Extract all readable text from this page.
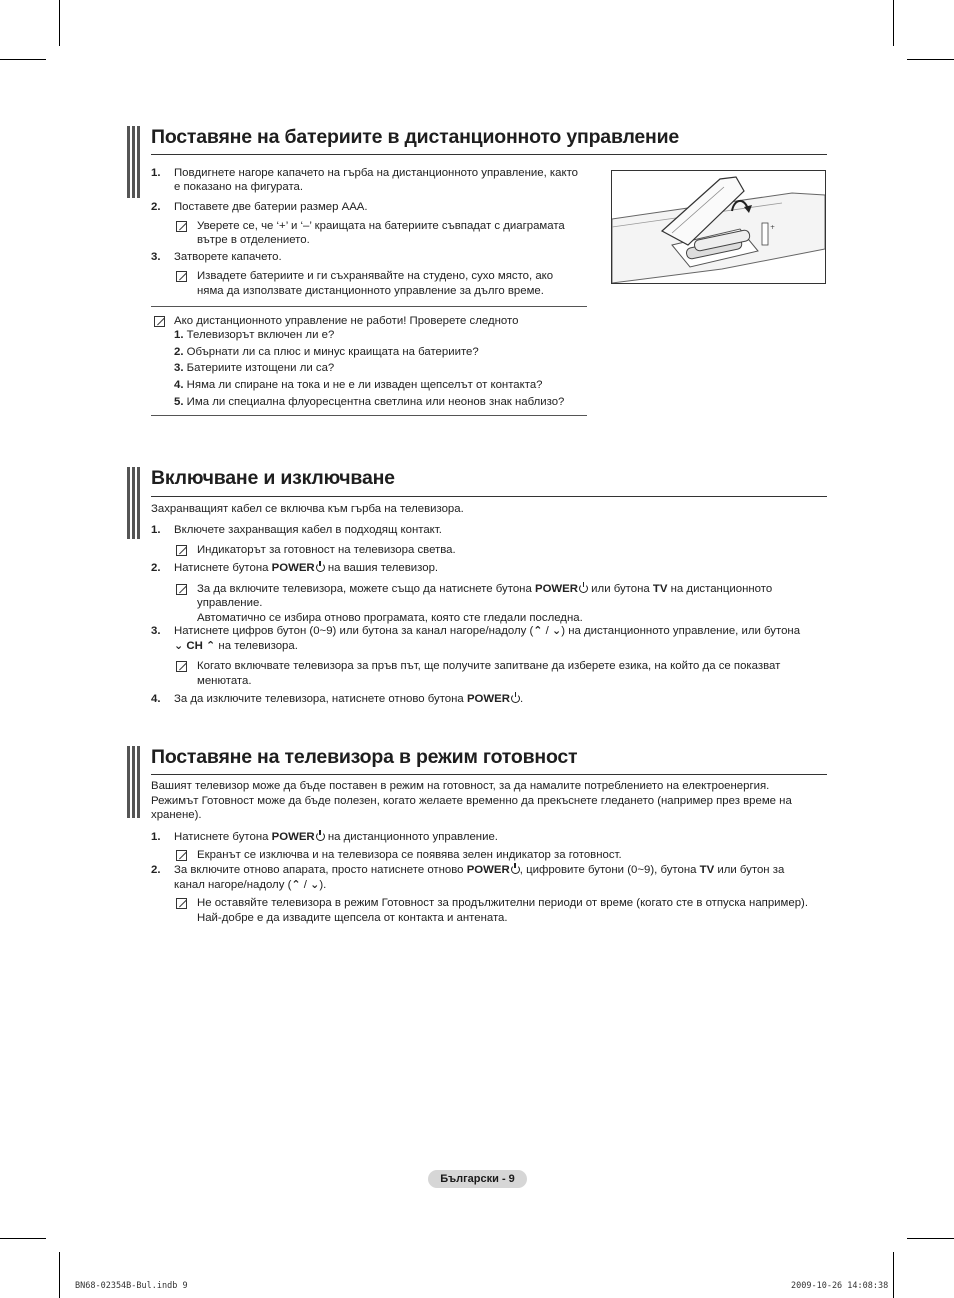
Поставяне на батериите в дистанционното управление
1. Повдигнете нагоре капачето на гърба на дистанционното управление, както
е показано на фигурата.
2. Поставете две батерии размер AAA.
Уверете се, че ‘+’ и ‘–’ краищата на батериите съвпадат с диаграмата
вътре в отделението.
3. Затворете капачето.
Извадете батериите и ги съхранявайте на студено, сухо място, ако
няма да използвате дистанционното управление за дълго време.
Ако дистанционното управление не работи! Проверете следното
1. Телевизорът включен ли е?
2. Обърнати ли са плюс и минус краищата на батериите?
3. Батериите изтощени ли са?
4. Няма ли спиране на тока и не е ли изваден щепселът от контакта?
5. Има ли специална флуоресцентна светлина или неонов знак наблизо?
+
Включване и изключване
Захранващият кабел се включва към гърба на телевизора.
1. Включете захранващия кабел в подходящ контакт.
Индикаторът за готовност на телевизора светва.
2. Натиснете бутона POWER на вашия телевизор.
За да включите телевизора, можете също да натиснете бутона POWER или бутона TV на дистанционното
управление.
Автоматично се избира отново програмата, която сте гледали последна.
3. Натиснете цифров бутон (0~9) или бутона за канал нагоре/надолу (⌃ / ⌄) на дистанционното управление, или бутона
⌄ CH ⌃ на телевизора.
Когато включвате телевизора за пръв път, ще получите запитване да изберете езика, на който да се показват
менютата.
4. За да изключите телевизора, натиснете отново бутона POWER .
Поставяне на телевизора в режим готовност
Вашият телевизор може да бъде поставен в режим на готовност, за да намалите потреблението на електроенергия.
Режимът Готовност може да бъде полезен, когато желаете временно да прекъснете гледането (например през време на
хранене).
1. Натиснете бутона POWER на дистанционното управление.
Екранът се изключва и на телевизора се появява зелен индикатор за готовност.
2. За включите отново апарата, просто натиснете отново POWER , цифровите бутони (0~9), бутона TV или бутон за
канал нагоре/надолу (⌃ / ⌄).
Не оставяйте телевизора в режим Готовност за продължителни периоди от време (когато сте в отпуска например).
Най-добре е да извадите щепсела от контакта и антената.
Български - 9
BN68-02354B-Bul.indb 9	2009-10-26 14:08:38
